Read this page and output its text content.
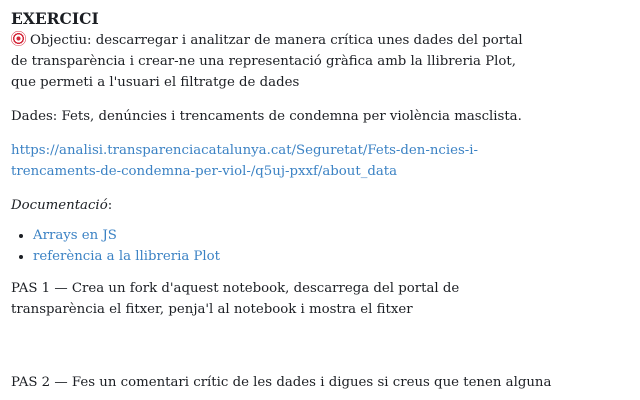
EXERCICI

Objectiu: descarregar i analitzar de manera crítica unes dades del portal de transparència i crear-ne una representació gràfica amb la llibreria Plot, que permeti a l'usuari el filtratge de dades

Dades: Fets, denúncies i trencaments de condemna per violència masclista.

https://analisi.transparenciacatalunya.cat/Seguretat/Fets-den-ncies-i-trencaments-de-condemna-per-viol-/q5uj-pxxf/about_data

Documentació:

• Arrays en JS
• referència a la llibreria Plot

PAS 1 — Crea un fork d'aquest notebook, descarrega del portal de transparència el fitxer, penja'l al notebook i mostra el fitxer

PAS 2 — Fes un comentari crític de les dades i digues si creus que tenen alguna
